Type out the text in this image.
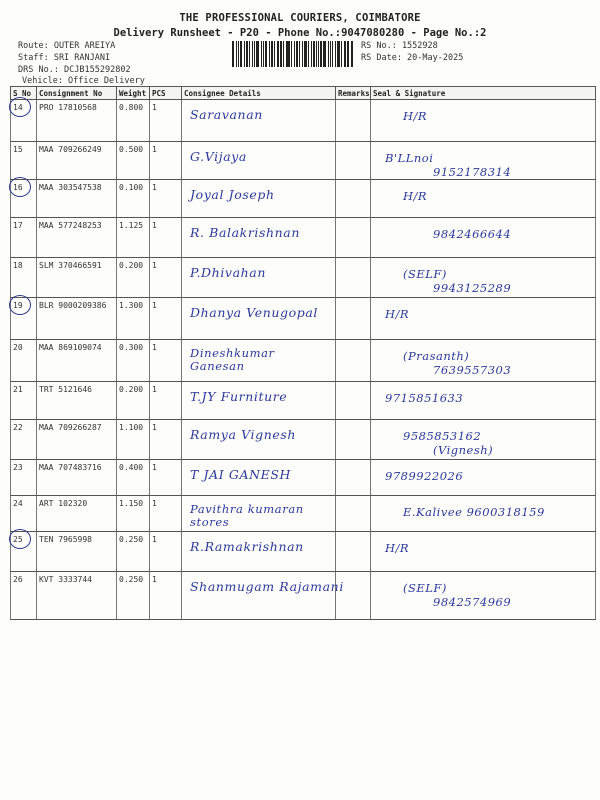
THE PROFESSIONAL COURIERS, COIMBATORE
Delivery Runsheet - P20 - Phone No.:9047080280 - Page No.:2
Route: OUTER AREIYA
Staff: SRI RANJANI
DRS No.: DCJB155292802
Vehicle: Office Delivery
RS No.: 1552928
RS Date: 20-May-2025
S No	Consignment No	Weight	PCS	Consignee Details	Remarks	Seal & Signature
14	PRO 17810568	0.800	1	Saravanan		H/R

15	MAA 709266249	0.500	1	G.Vijaya		B'LLnoi
9152178314

16	MAA 303547538	0.100	1	Joyal Joseph		H/R

17	MAA 577248253	1.125	1	R. Balakrishnan		9842466644

18	SLM 370466591	0.200	1	P.Dhivahan		(SELF)
9943125289

19	BLR 9000209386	1.300	1	Dhanya Venugopal		H/R

20	MAA 869109074	0.300	1	Dineshkumar Ganesan		(Prasanth)
7639557303

21	TRT 5121646	0.200	1	T.JY Furniture		9715851633

22	MAA 709266287	1.100	1	Ramya Vignesh		9585853162
(Vignesh)

23	MAA 707483716	0.400	1	T JAI GANESH		9789922026

24	ART 102320	1.150	1	Pavithra kumaran stores		E.Kalivee 9600318159

25	TEN 7965998	0.250	1	R.Ramakrishnan		H/R

26	KVT 3333744	0.250	1	Shanmugam Rajamani		(SELF)
9842574969
